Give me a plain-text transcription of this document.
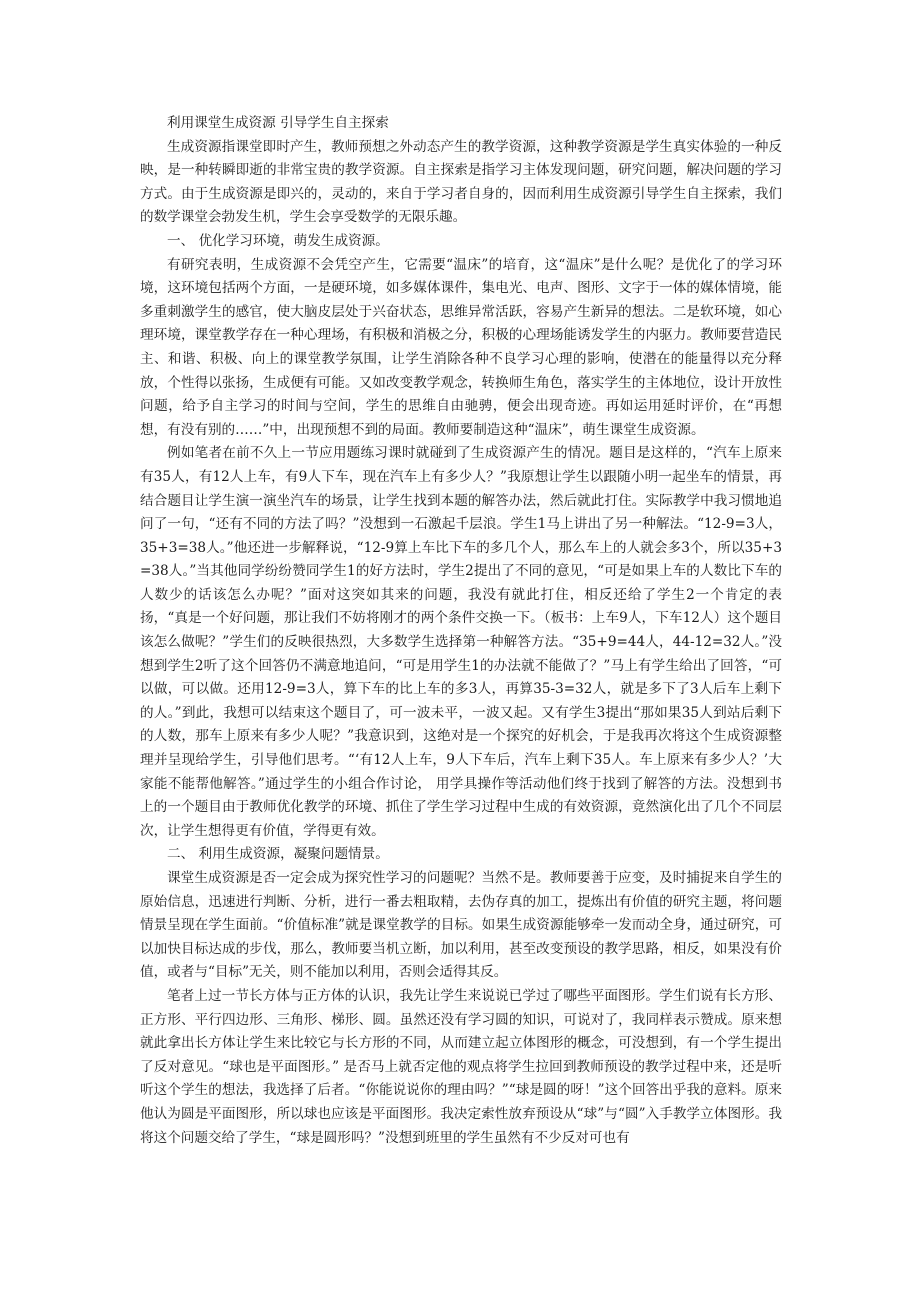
利用课堂生成资源 引导学生自主探索

生成资源指课堂即时产生，教师预想之外动态产生的教学资源，这种教学资源是学生真实体验的一种反映，是一种转瞬即逝的非常宝贵的教学资源。自主探索是指学习主体发现问题，研究问题，解决问题的学习方式。由于生成资源是即兴的，灵动的，来自于学习者自身的，因而利用生成资源引导学生自主探索，我们的数学课堂会勃发生机，学生会享受数学的无限乐趣。

一、 优化学习环境，萌发生成资源。

有研究表明，生成资源不会凭空产生，它需要“温床”的培育，这“温床”是什么呢？是优化了的学习环境，这环境包括两个方面，一是硬环境，如多媒体课件，集电光、电声、图形、文字于一体的媒体情境，能多重刺激学生的感官，使大脑皮层处于兴奋状态，思维异常活跃，容易产生新异的想法。二是软环境，如心理环境，课堂教学存在一种心理场，有积极和消极之分，积极的心理场能诱发学生的内驱力。教师要营造民主、和谐、积极、向上的课堂教学氛围，让学生消除各种不良学习心理的影响，使潜在的能量得以充分释放，个性得以张扬，生成便有可能。又如改变教学观念，转换师生角色，落实学生的主体地位，设计开放性问题，给予自主学习的时间与空间，学生的思维自由驰骋，便会出现奇迹。再如运用延时评价，在“再想想，有没有别的……”中，出现预想不到的局面。教师要制造这种“温床”，萌生课堂生成资源。

例如笔者在前不久上一节应用题练习课时就碰到了生成资源产生的情况。题目是这样的，“汽车上原来有35人，有12人上车，有9人下车，现在汽车上有多少人？”我原想让学生以跟随小明一起坐车的情景，再结合题目让学生演一演坐汽车的场景，让学生找到本题的解答办法，然后就此打住。实际教学中我习惯地追问了一句，“还有不同的方法了吗？”没想到一石激起千层浪。学生1马上讲出了另一种解法。“12-9=3人，35+3=38人。”他还进一步解释说，“12-9算上车比下车的多几个人，那么车上的人就会多3个，所以35+3=38人。”当其他同学纷纷赞同学生1的好方法时，学生2提出了不同的意见，“可是如果上车的人数比下车的人数少的话该怎么办呢？”面对这突如其来的问题，我没有就此打住，相反还给了学生2一个肯定的表扬，“真是一个好问题，那让我们不妨将刚才的两个条件交换一下。（板书：上车9人，下车12人）这个题目该怎么做呢？”学生们的反映很热烈，大多数学生选择第一种解答方法。“35+9=44人，44-12=32人。”没想到学生2听了这个回答仍不满意地追问，“可是用学生1的办法就不能做了？”马上有学生给出了回答，“可以做，可以做。还用12-9=3人，算下车的比上车的多3人，再算35-3=32人，就是多下了3人后车上剩下的人。”到此，我想可以结束这个题目了，可一波未平，一波又起。又有学生3提出“那如果35人到站后剩下的人数，那车上原来有多少人呢？”我意识到，这绝对是一个探究的好机会，于是我再次将这个生成资源整理并呈现给学生，引导他们思考。“‘有12人上车，9人下车后，汽车上剩下35人。车上原来有多少人？’大家能不能帮他解答。”通过学生的小组合作讨论， 用学具操作等活动他们终于找到了解答的方法。没想到书上的一个题目由于教师优化教学的环境、抓住了学生学习过程中生成的有效资源，竟然演化出了几个不同层次，让学生想得更有价值，学得更有效。

二、 利用生成资源，凝聚问题情景。

课堂生成资源是否一定会成为探究性学习的问题呢？当然不是。教师要善于应变，及时捕捉来自学生的原始信息，迅速进行判断、分析，进行一番去粗取精，去伪存真的加工，提炼出有价值的研究主题，将问题情景呈现在学生面前。“价值标准”就是课堂教学的目标。如果生成资源能够牵一发而动全身，通过研究，可以加快目标达成的步伐，那么，教师要当机立断，加以利用，甚至改变预设的教学思路，相反，如果没有价值，或者与“目标”无关，则不能加以利用，否则会适得其反。

笔者上过一节长方体与正方体的认识，我先让学生来说说已学过了哪些平面图形。学生们说有长方形、正方形、平行四边形、三角形、梯形、圆。虽然还没有学习圆的知识，可说对了，我同样表示赞成。原来想就此拿出长方体让学生来比较它与长方形的不同，从而建立起立体图形的概念，可没想到，有一个学生提出了反对意见。“球也是平面图形。” 是否马上就否定他的观点将学生拉回到教师预设的教学过程中来，还是听听这个学生的想法，我选择了后者。“你能说说你的理由吗？”“球是圆的呀！”这个回答出乎我的意料。原来他认为圆是平面图形，所以球也应该是平面图形。我决定索性放弃预设从“球”与“圆”入手教学立体图形。我将这个问题交给了学生，“球是圆形吗？”没想到班里的学生虽然有不少反对可也有
